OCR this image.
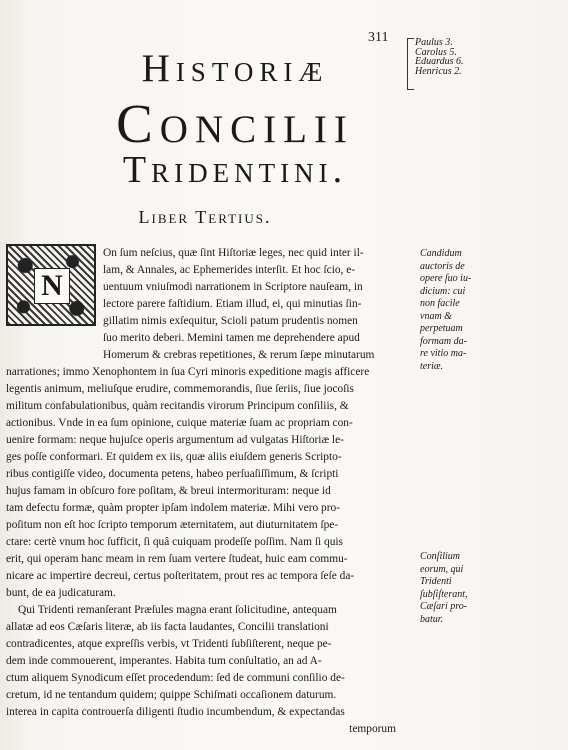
311	Paulus 3.
Carolus 5.
Eduardus 6.
Henricus 2.
Historiæ
Concilii
Tridentini.
Liber Tertius.
N
On ſum neſcius, quæ ſint Hiſtoriæ leges, nec quid inter il-
lam, & Annales, ac Ephemerides interſit. Et hoc ſcio, e-
uentuum vniuſmodi narrationem in Scriptore nauſeam, in
lectore parere faſtidium. Etiam illud, ei, qui minutias ſin-
gillatim nimis exſequitur, Scioli patum prudentis nomen
ſuo merito deberi. Memini tamen me deprehendere apud
Homerum & crebras repetitiones, & rerum ſæpe minutarum
narrationes; immo Xenophontem in ſua Cyri minoris expeditione magis afficere
legentis animum, meliuſque erudire, commemorandis, ſiue ſeriis, ſiue jocoſis
militum confabulationibus, quàm recitandis virorum Principum conſiliis, &
actionibus. Vnde in ea ſum opinione, cuique materiæ ſuam ac propriam con-
uenire formam: neque hujuſce operis argumentum ad vulgatas Hiſtoriæ le-
ges poſſe conformari. Et quidem ex iis, quæ aliis eiuſdem generis Scripto-
ribus contigiſſe video, documenta petens, habeo perſuaſiſſimum, & ſcripti
hujus famam in obſcuro fore poſitam, & breui intermorituram: neque id
tam defectu formæ, quàm propter ipſam indolem materiæ. Mihi vero pro-
poſitum non eſt hoc ſcripto temporum æternitatem, aut diuturnitatem ſpe-
ctare: certè vnum hoc ſufficit, ſi quâ cuiquam prodeſſe poſſim. Nam ſi quis
erit, qui operam hanc meam in rem ſuam vertere ſtudeat, huic eam commu-
nicare ac impertire decreui, certus poſteritatem, prout res ac tempora ſeſe da-
bunt, de ea judicaturam.
Qui Tridenti remanſerant Præſules magna erant ſolicitudine, antequam
allatæ ad eos Cæſaris literæ, ab iis facta laudantes, Concilii translationi
contradicentes, atque expreſſis verbis, vt Tridenti ſubſiſterent, neque pe-
dem inde commouerent, imperantes. Habita tum conſultatio, an ad A-
ctum aliquem Synodicum eſſet procedendum: ſed de communi conſilio de-
cretum, id ne tentandum quidem; quippe Schiſmati occaſionem daturum.
interea in capita controuerſa diligenti ſtudio incumbendum, & expectandas
temporum
Candidum
auctoris de
opere ſuo iu-
dicium: cui
non facile
vnam &
perpetuam
formam da-
re vitio ma-
teriæ.
Conſilium
eorum, qui
Tridenti
ſubſiſterant,
Cæſari pro-
batur.
